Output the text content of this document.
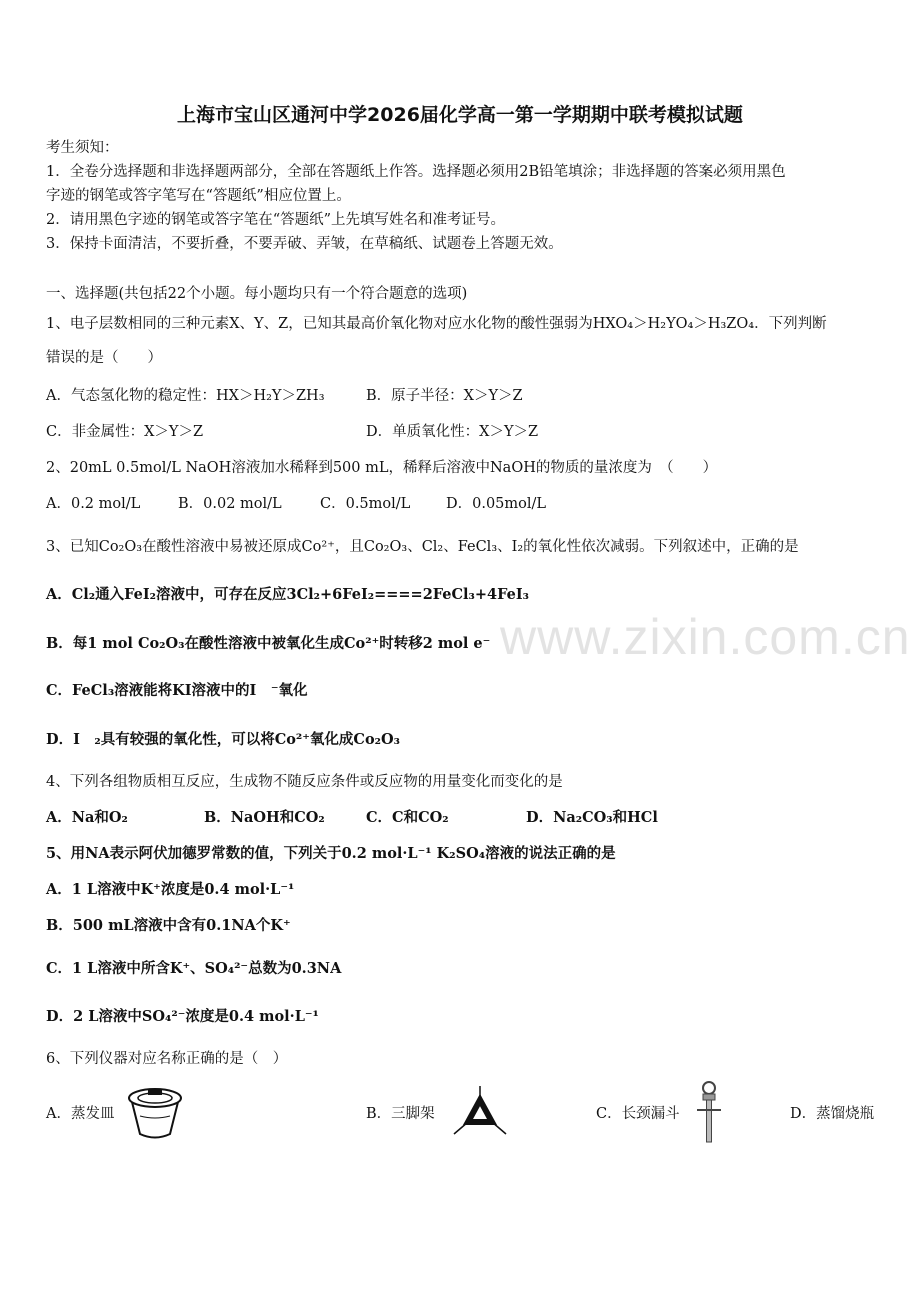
上海市宝山区通河中学2026届化学高一第一学期期中联考模拟试题
考生须知：
1．全卷分选择题和非选择题两部分，全部在答题纸上作答。选择题必须用2B铅笔填涂；非选择题的答案必须用黑色
字迹的钢笔或答字笔写在“答题纸”相应位置上。
2．请用黑色字迹的钢笔或答字笔在“答题纸”上先填写姓名和准考证号。
3．保持卡面清洁，不要折叠，不要弄破、弄皱，在草稿纸、试题卷上答题无效。
一、选择题(共包括22个小题。每小题均只有一个符合题意的选项)
1、电子层数相同的三种元素X、Y、Z，已知其最高价氧化物对应水化物的酸性强弱为HXO₄＞H₂YO₄＞H₃ZO₄．下列判断
错误的是（　　）
A．气态氢化物的稳定性：HX＞H₂Y＞ZH₃	B．原子半径：X＞Y＞Z
C．非金属性：X＞Y＞Z	D．单质氧化性：X＞Y＞Z
2、20mL 0.5mol/L NaOH溶液加水稀释到500 mL，稀释后溶液中NaOH的物质的量浓度为　（　　）
A．0.2 mol/L	B．0.02 mol/L	C．0.5mol/L D．0.05mol/L
3、已知Co₂O₃在酸性溶液中易被还原成Co²⁺，且Co₂O₃、Cl₂、FeCl₃、I₂的氧化性依次减弱。下列叙述中，正确的是
A．Cl₂通入FeI₂溶液中，可存在反应3Cl₂+6FeI₂====2FeCl₃+4FeI₃
B．每1 mol Co₂O₃在酸性溶液中被氧化生成Co²⁺时转移2 mol e⁻
C．FeCl₃溶液能将KI溶液中的I　⁻氧化
D．I　₂具有较强的氧化性，可以将Co²⁺氧化成Co₂O₃
www.zixin.com.cn
4、下列各组物质相互反应，生成物不随反应条件或反应物的用量变化而变化的是
A．Na和O₂	B．NaOH和CO₂	C．C和CO₂	D．Na₂CO₃和HCl
5、用NA表示阿伏加德罗常数的值，下列关于0.2 mol·L⁻¹ K₂SO₄溶液的说法正确的是
A．1 L溶液中K⁺浓度是0.4 mol·L⁻¹
B．500 mL溶液中含有0.1NA个K⁺
C．1 L溶液中所含K⁺、SO₄²⁻总数为0.3NA
D．2 L溶液中SO₄²⁻浓度是0.4 mol·L⁻¹
6、下列仪器对应名称正确的是（　）
A．蒸发皿	B．三脚架	C．长颈漏斗	D．蒸馏烧瓶
